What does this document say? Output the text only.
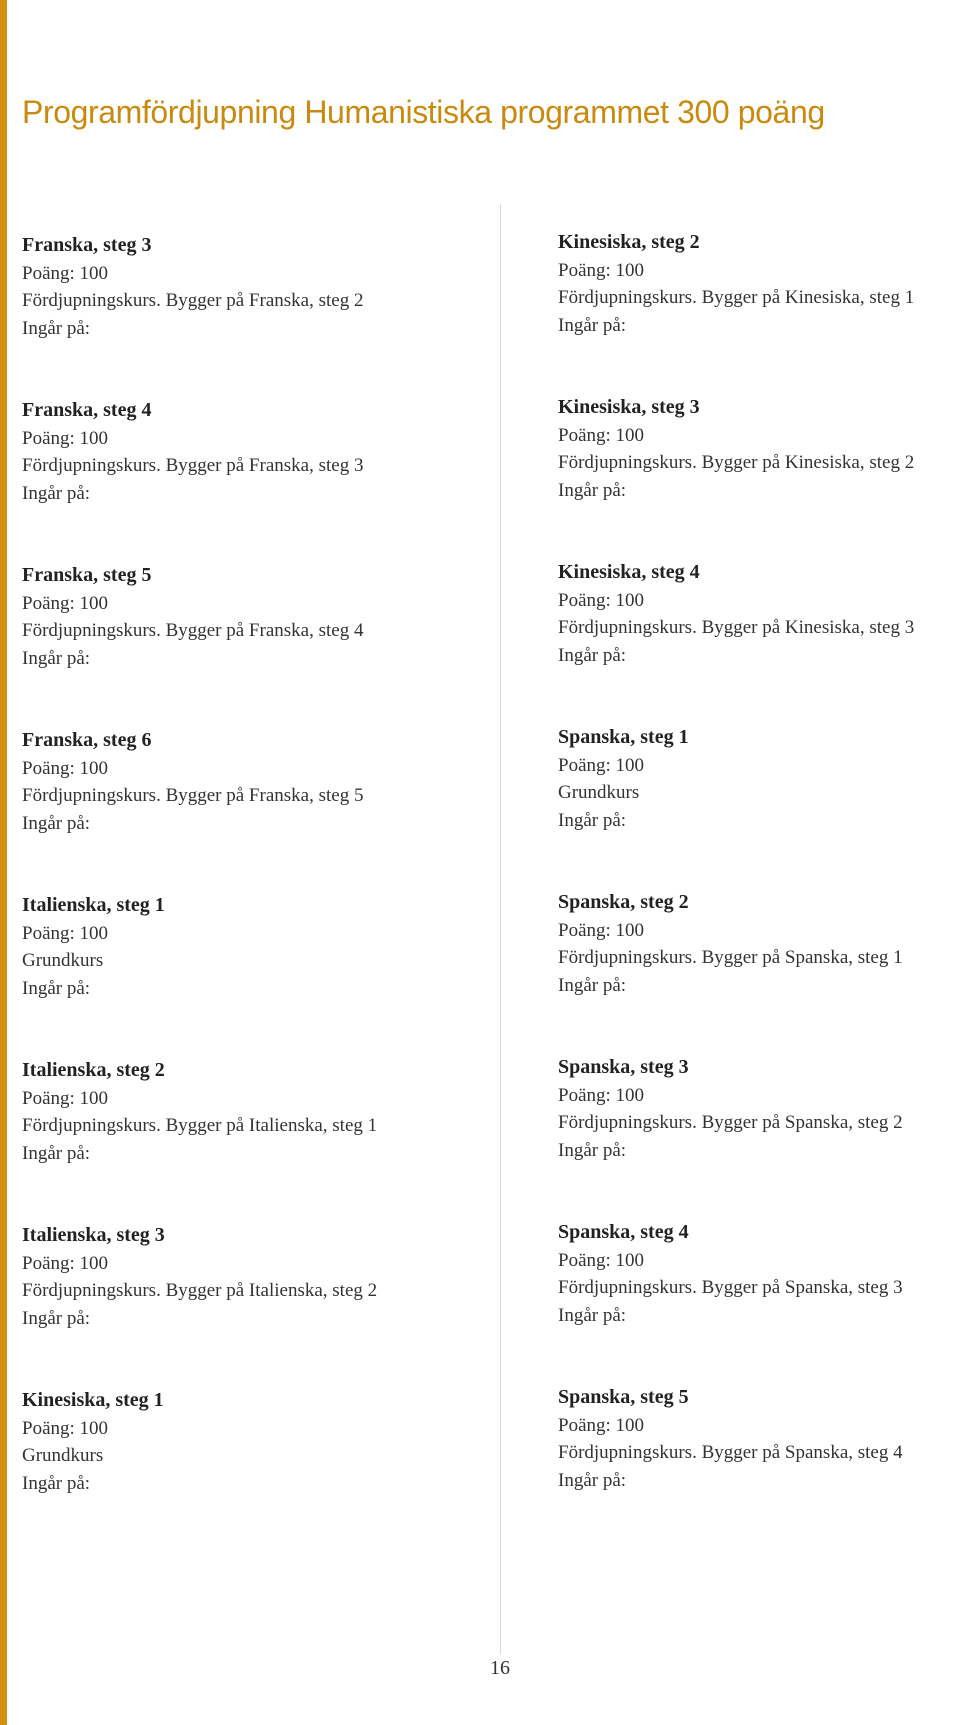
Programfördjupning Humanistiska programmet 300 poäng
Franska, steg 3
Poäng: 100
Fördjupningskurs. Bygger på Franska, steg 2
Ingår på:
Franska, steg 4
Poäng: 100
Fördjupningskurs. Bygger på Franska, steg 3
Ingår på:
Franska, steg 5
Poäng: 100
Fördjupningskurs. Bygger på Franska, steg 4
Ingår på:
Franska, steg 6
Poäng: 100
Fördjupningskurs. Bygger på Franska, steg 5
Ingår på:
Italienska, steg 1
Poäng: 100
Grundkurs
Ingår på:
Italienska, steg 2
Poäng: 100
Fördjupningskurs. Bygger på Italienska, steg 1
Ingår på:
Italienska, steg 3
Poäng: 100
Fördjupningskurs. Bygger på Italienska, steg 2
Ingår på:
Kinesiska, steg 1
Poäng: 100
Grundkurs
Ingår på:
Kinesiska, steg 2
Poäng: 100
Fördjupningskurs. Bygger på Kinesiska, steg 1
Ingår på:
Kinesiska, steg 3
Poäng: 100
Fördjupningskurs. Bygger på Kinesiska, steg 2
Ingår på:
Kinesiska, steg 4
Poäng: 100
Fördjupningskurs. Bygger på Kinesiska, steg 3
Ingår på:
Spanska, steg 1
Poäng: 100
Grundkurs
Ingår på:
Spanska, steg 2
Poäng: 100
Fördjupningskurs. Bygger på Spanska, steg 1
Ingår på:
Spanska, steg 3
Poäng: 100
Fördjupningskurs. Bygger på Spanska, steg 2
Ingår på:
Spanska, steg 4
Poäng: 100
Fördjupningskurs. Bygger på Spanska, steg 3
Ingår på:
Spanska, steg 5
Poäng: 100
Fördjupningskurs. Bygger på Spanska, steg 4
Ingår på:
16
